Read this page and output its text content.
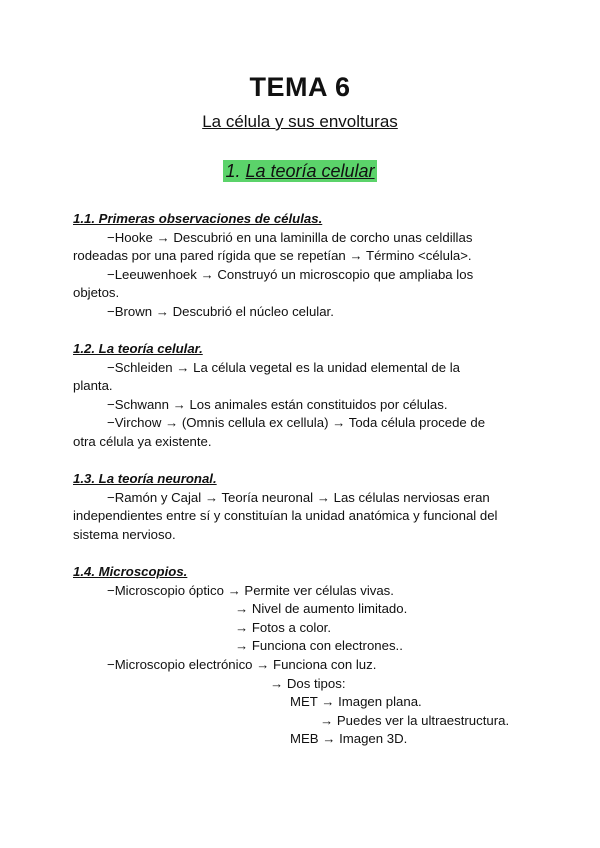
TEMA 6
La célula y sus envolturas
1. La teoría celular
1.1. Primeras observaciones de células.
−Hooke → Descubrió en una laminilla de corcho unas celdillas
rodeadas por una pared rígida que se repetían → Término <célula>.
−Leeuwenhoek → Construyó un microscopio que ampliaba los
objetos.
−Brown → Descubrió el núcleo celular.
1.2. La teoría celular.
−Schleiden → La célula vegetal es la unidad elemental de la
planta.
−Schwann → Los animales están constituidos por células.
−Virchow → (Omnis cellula ex cellula) → Toda célula procede de
otra célula ya existente.
1.3. La teoría neuronal.
−Ramón y Cajal → Teoría neuronal → Las células nerviosas eran
independientes entre sí y constituían la unidad anatómica y funcional del
sistema nervioso.
1.4. Microscopios.
−Microscopio óptico → Permite ver células vivas.
→ Nivel de aumento limitado.
→ Fotos a color.
→ Funciona con electrones..
−Microscopio electrónico → Funciona con luz.
→ Dos tipos:
MET → Imagen plana.
→ Puedes ver la ultraestructura.
MEB → Imagen 3D.
